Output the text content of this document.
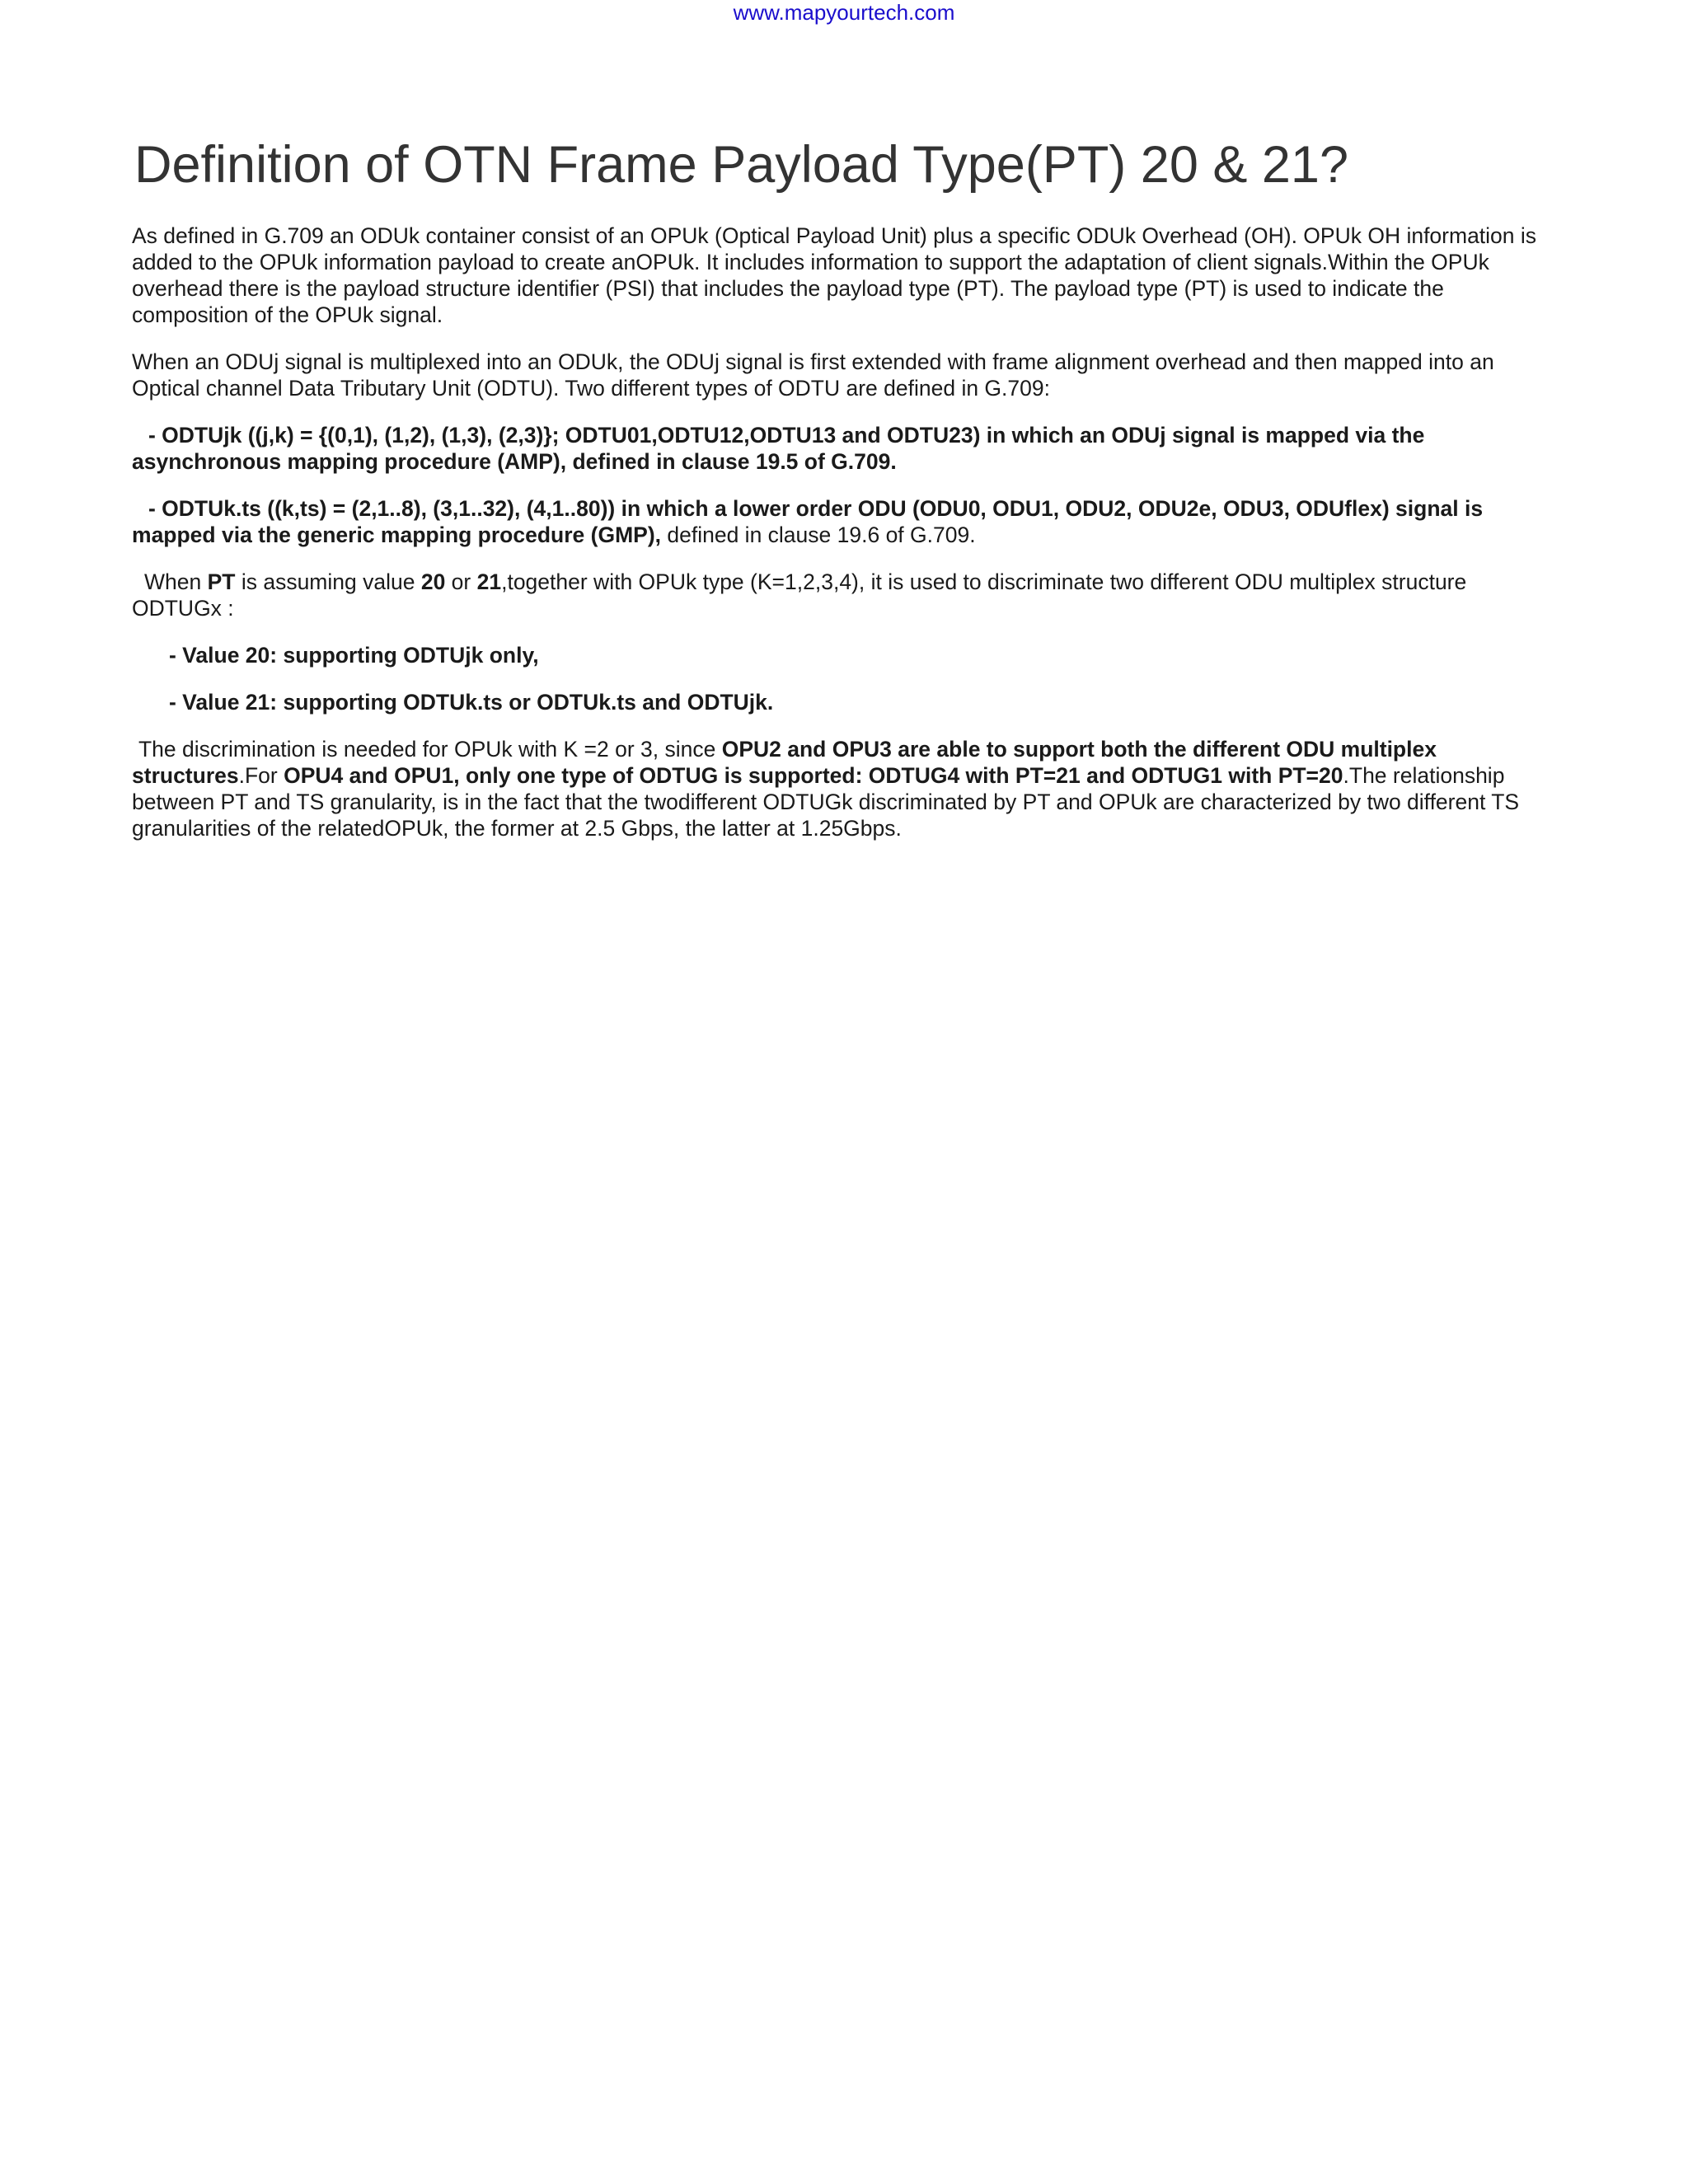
www.mapyourtech.com
Definition of OTN Frame Payload Type(PT) 20 & 21?

As defined in G.709 an ODUk container consist of an OPUk (Optical Payload Unit) plus a specific ODUk Overhead (OH). OPUk OH information is added to the OPUk information payload to create anOPUk. It includes information to support the adaptation of client signals.Within the OPUk overhead there is the payload structure identifier (PSI) that includes the payload type (PT). The payload type (PT) is used to indicate the composition of the OPUk signal.

When an ODUj signal is multiplexed into an ODUk, the ODUj signal is first extended with frame alignment overhead and then mapped into an Optical channel Data Tributary Unit (ODTU). Two different types of ODTU are defined in G.709:

- ODTUjk ((j,k) = {(0,1), (1,2), (1,3), (2,3)}; ODTU01,ODTU12,ODTU13 and ODTU23) in which an ODUj signal is mapped via the asynchronous mapping procedure (AMP), defined in clause 19.5 of G.709.

- ODTUk.ts ((k,ts) = (2,1..8), (3,1..32), (4,1..80)) in which a lower order ODU (ODU0, ODU1, ODU2, ODU2e, ODU3, ODUflex) signal is mapped via the generic mapping procedure (GMP), defined in clause 19.6 of G.709.

When PT is assuming value 20 or 21,together with OPUk type (K=1,2,3,4), it is used to discriminate two different ODU multiplex structure ODTUGx :

- Value 20: supporting ODTUjk only,

- Value 21: supporting ODTUk.ts or ODTUk.ts and ODTUjk.

The discrimination is needed for OPUk with K =2 or 3, since OPU2 and OPU3 are able to support both the different ODU multiplex structures.For OPU4 and OPU1, only one type of ODTUG is supported: ODTUG4 with PT=21 and ODTUG1 with PT=20.The relationship between PT and TS granularity, is in the fact that the twodifferent ODTUGk discriminated by PT and OPUk are characterized by two different TS granularities of the relatedOPUk, the former at 2.5 Gbps, the latter at 1.25Gbps.
